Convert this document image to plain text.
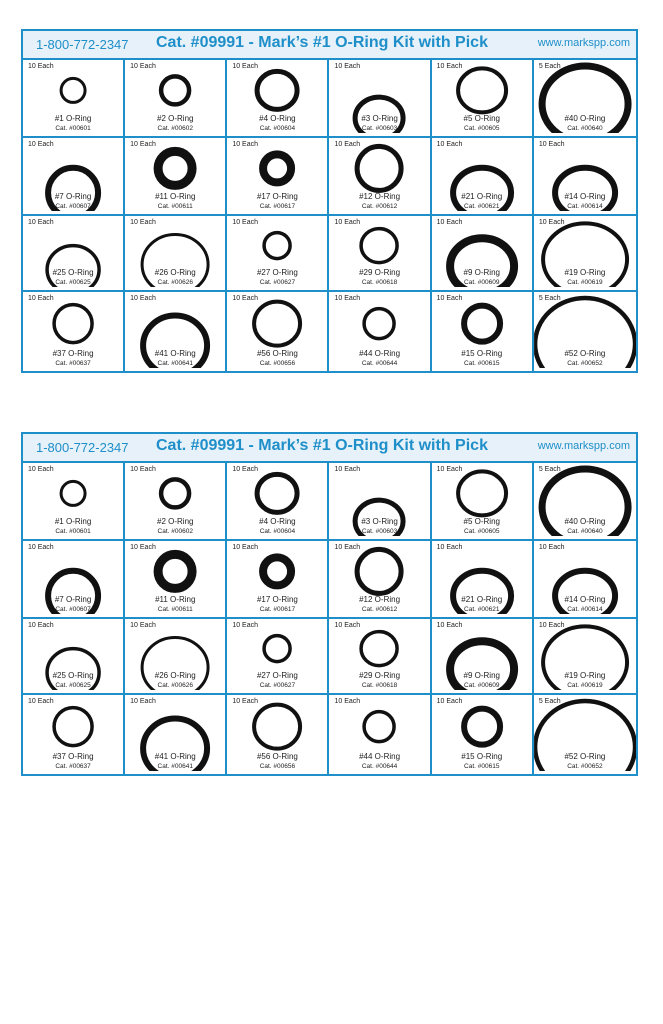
1-800-772-2347 Cat. #09991 - Mark’s #1 O-Ring Kit with Pick	www.markspp.com
10 Each
#1 O-Ring
Cat. #00601
10 Each
#2 O-Ring
Cat. #00602
10 Each
#4 O-Ring
Cat. #00604
10 Each
#3 O-Ring
Cat. #00603
10 Each
#5 O-Ring
Cat. #00605
5 Each
#40 O-Ring
Cat. #00640
10 Each
#7 O-Ring
Cat. #00607
10 Each
#11 O-Ring
Cat. #00611
10 Each
#17 O-Ring
Cat. #00617
10 Each
#12 O-Ring
Cat. #00612
10 Each
#21 O-Ring
Cat. #00621
10 Each
#14 O-Ring
Cat. #00614
10 Each
#25 O-Ring
Cat. #00625
10 Each
#26 O-Ring
Cat. #00626
10 Each
#27 O-Ring
Cat. #00627
10 Each
#29 O-Ring
Cat. #00618
10 Each
#9 O-Ring
Cat. #00609
10 Each
#19 O-Ring
Cat. #00619
10 Each
#37 O-Ring
Cat. #00637
10 Each
#41 O-Ring
Cat. #00641
10 Each
#56 O-Ring
Cat. #00656
10 Each
#44 O-Ring
Cat. #00644
10 Each
#15 O-Ring
Cat. #00615
5 Each
#52 O-Ring
Cat. #00652
1-800-772-2347 Cat. #09991 - Mark’s #1 O-Ring Kit with Pick	www.markspp.com
10 Each
#1 O-Ring
Cat. #00601
10 Each
#2 O-Ring
Cat. #00602
10 Each
#4 O-Ring
Cat. #00604
10 Each
#3 O-Ring
Cat. #00603
10 Each
#5 O-Ring
Cat. #00605
5 Each
#40 O-Ring
Cat. #00640
10 Each
#7 O-Ring
Cat. #00607
10 Each
#11 O-Ring
Cat. #00611
10 Each
#17 O-Ring
Cat. #00617
10 Each
#12 O-Ring
Cat. #00612
10 Each
#21 O-Ring
Cat. #00621
10 Each
#14 O-Ring
Cat. #00614
10 Each
#25 O-Ring
Cat. #00625
10 Each
#26 O-Ring
Cat. #00626
10 Each
#27 O-Ring
Cat. #00627
10 Each
#29 O-Ring
Cat. #00618
10 Each
#9 O-Ring
Cat. #00609
10 Each
#19 O-Ring
Cat. #00619
10 Each
#37 O-Ring
Cat. #00637
10 Each
#41 O-Ring
Cat. #00641
10 Each
#56 O-Ring
Cat. #00656
10 Each
#44 O-Ring
Cat. #00644
10 Each
#15 O-Ring
Cat. #00615
5 Each
#52 O-Ring
Cat. #00652
